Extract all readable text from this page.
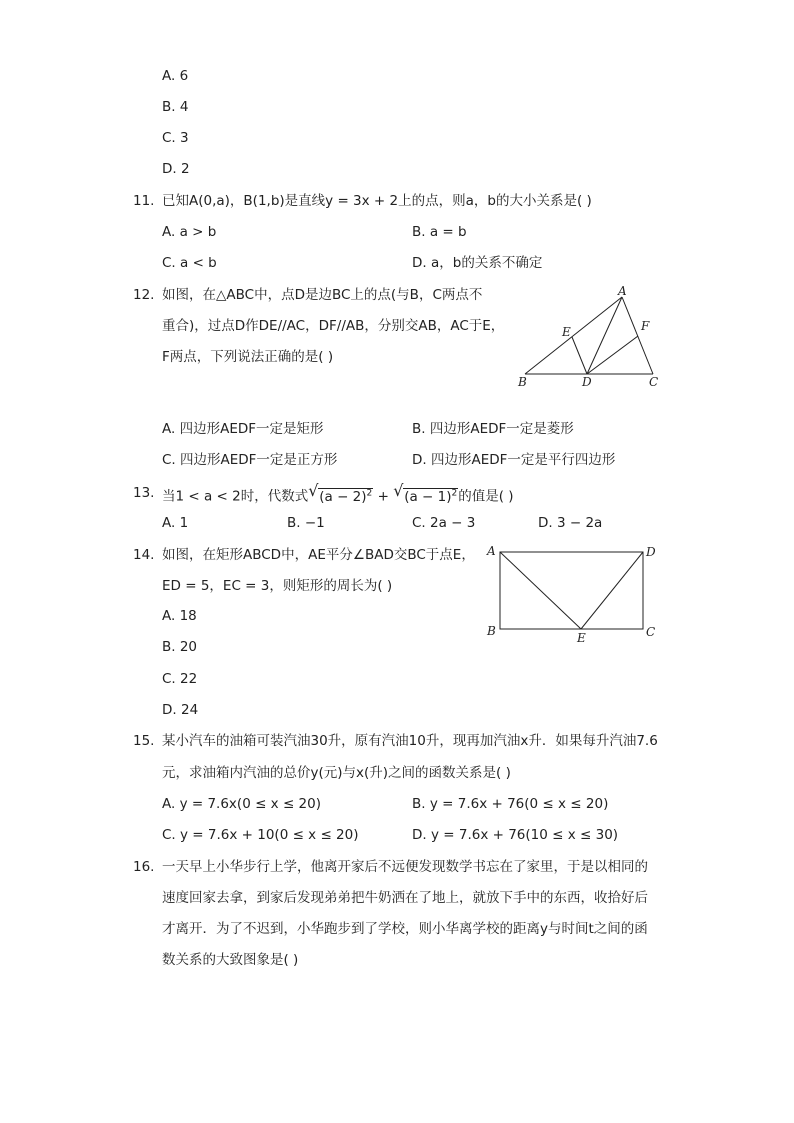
A. 6
B. 4
C. 3
D. 2
11. 已知A(0,a)，B(1,b)是直线y = 3x + 2上的点，则a，b的大小关系是( )
A. a > b	B. a = b
C. a < b	D. a，b的关系不确定
12. 如图，在△ABC中，点D是边BC上的点(与B，C两点不
重合)，过点D作DE//AC，DF//AB，分别交AB，AC于E，
F两点，下列说法正确的是( )
A
E	F
B	D	C
A. 四边形AEDF一定是矩形	B. 四边形AEDF一定是菱形
C. 四边形AEDF一定是正方形	D. 四边形AEDF一定是平行四边形
13. 当1 < a < 2时，代数式 √ $(a - 2)^2$ + √ $(a - 1)^2$的值是( )
A. 1	B. −1	C. 2a − 3	D. 3 − 2a
14. 如图，在矩形ABCD中，AE平分∠BAD交BC于点E，
ED = 5，EC = 3，则矩形的周长为( )
A. 18
B. 20
C. 22
D. 24
A	D
B	E	C
15. 某小汽车的油箱可装汽油30升，原有汽油10升，现再加汽油x升．如果每升汽油7.6
元，求油箱内汽油的总价y(元)与x(升)之间的函数关系是( )
A. y = 7.6x(0 ≤ x ≤ 20)	B. y = 7.6x + 76(0 ≤ x ≤ 20)
C. y = 7.6x + 10(0 ≤ x ≤ 20)	D. y = 7.6x + 76(10 ≤ x ≤ 30)
16. 一天早上小华步行上学，他离开家后不远便发现数学书忘在了家里，于是以相同的
速度回家去拿，到家后发现弟弟把牛奶洒在了地上，就放下手中的东西，收拾好后
才离开．为了不迟到，小华跑步到了学校，则小华离学校的距离y与时间t之间的函
数关系的大致图象是( )
